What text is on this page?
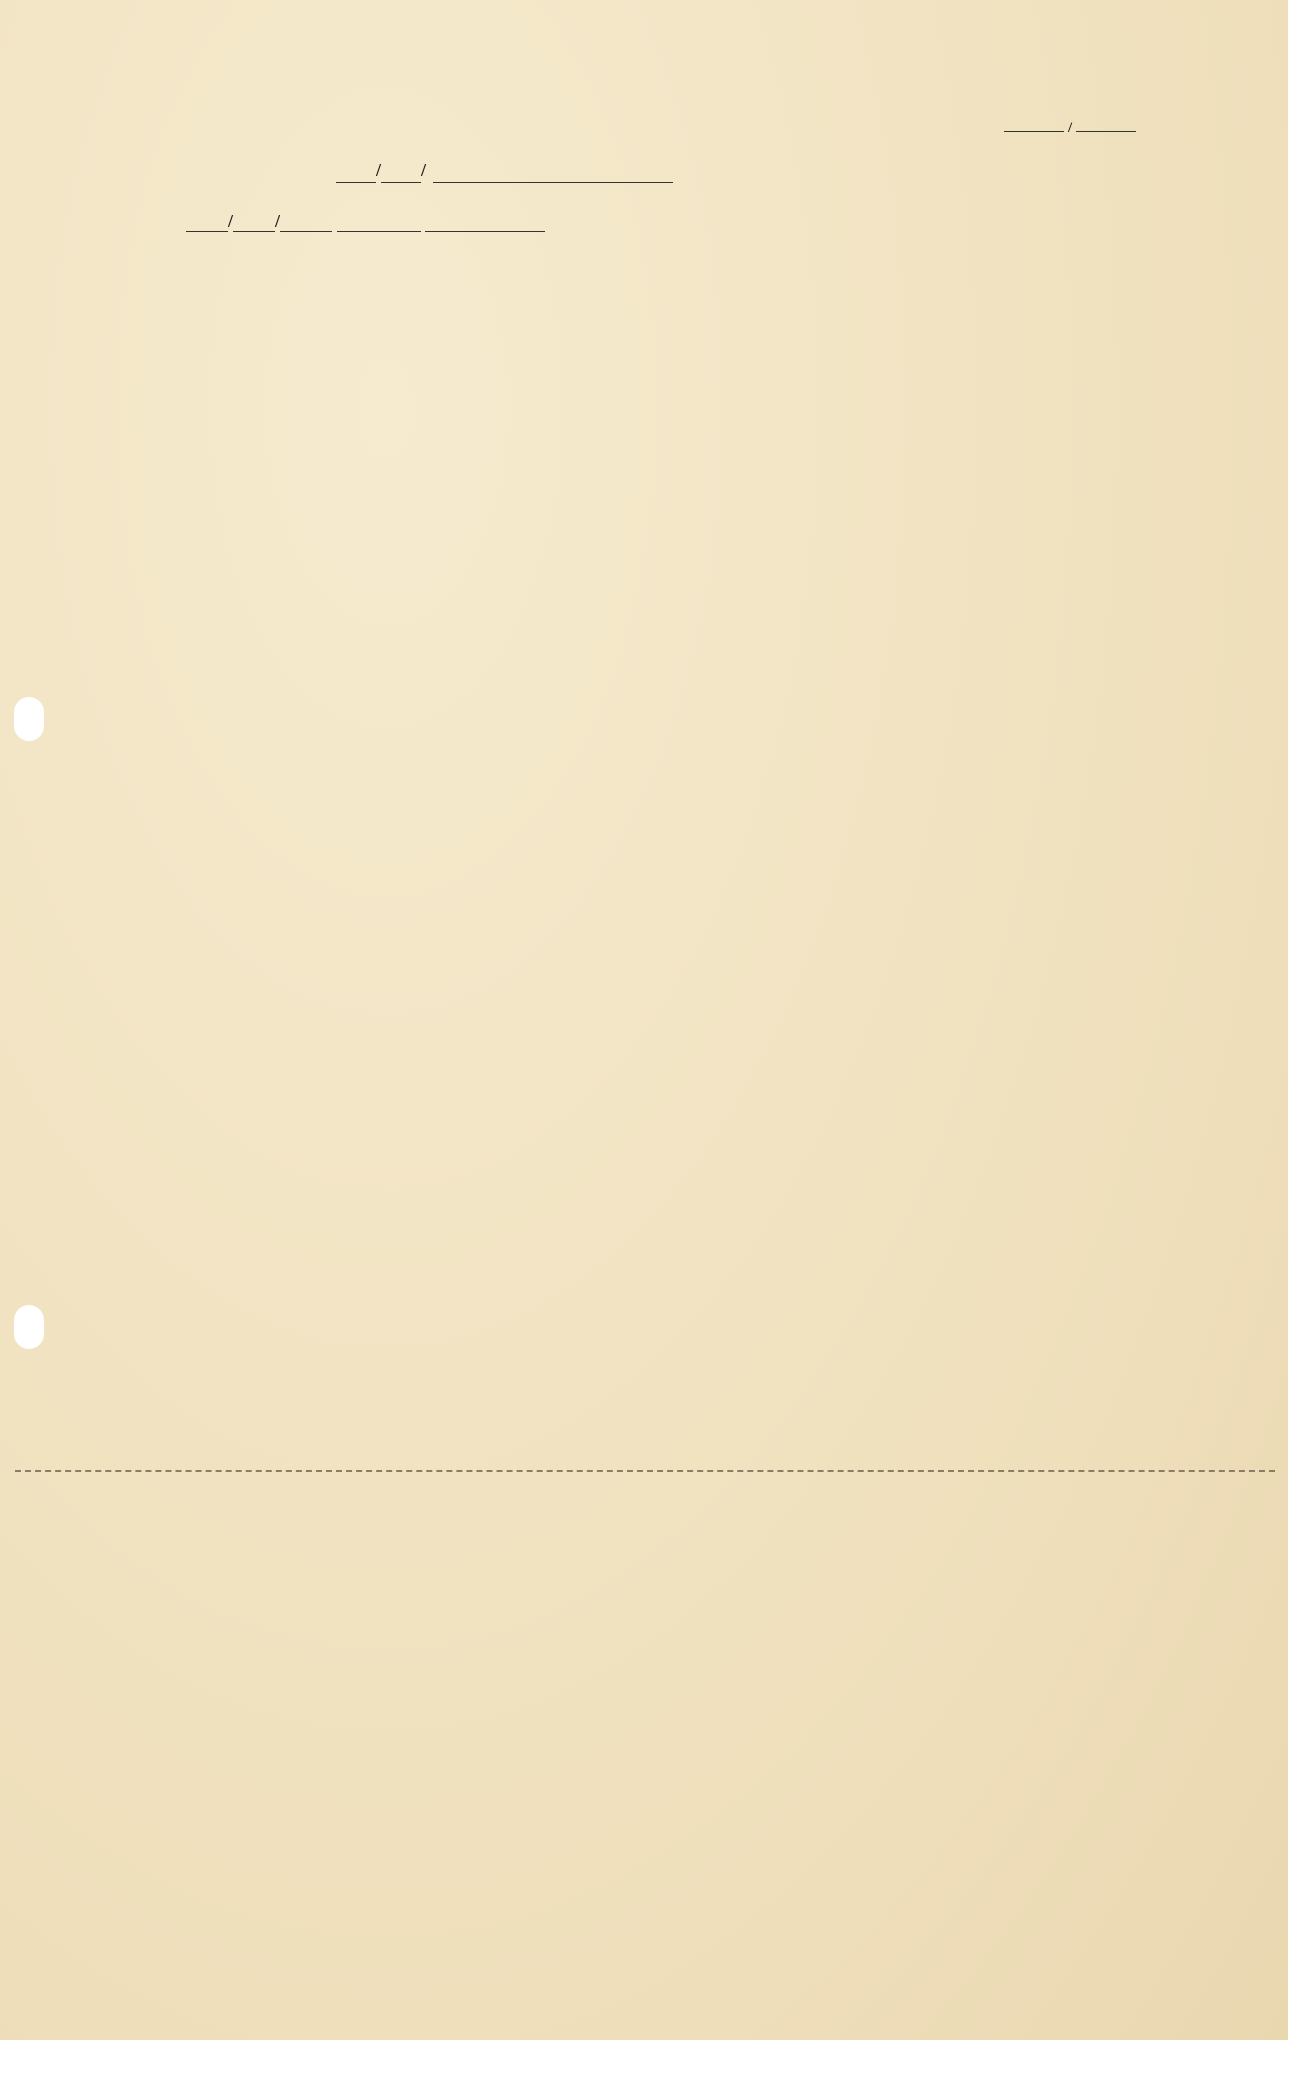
/
/ /
/ /
